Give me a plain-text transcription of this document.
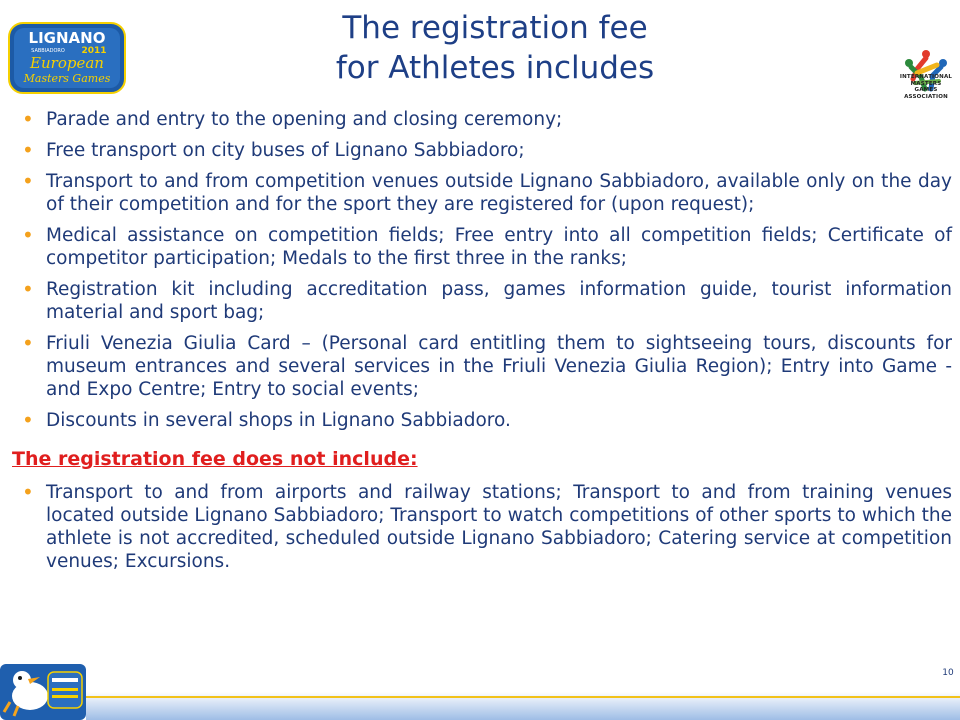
LIGNANO
SABBIADORO 2011
European
Masters Games
The registration fee
for Athletes includes	INTERNATIONAL
MASTERS
GAMES
ASSOCIATION
• Parade and entry to the opening and closing ceremony;
• Free transport on city buses of Lignano Sabbiadoro;
• Transport to and from competition venues outside Lignano Sabbiadoro, available only on the day of their competition and for the sport they are registered for (upon request);
• Medical assistance on competition fields; Free entry into all competition fields; Certificate of competitor participation; Medals to the first three in the ranks;
• Registration kit including accreditation pass, games information guide, tourist information material and sport bag;
• Friuli Venezia Giulia Card – (Personal card entitling them to sightseeing tours, discounts for museum entrances and several services in the Friuli Venezia Giulia Region); Entry into Game - and Expo Centre; Entry to social events;
• Discounts in several shops in Lignano Sabbiadoro.
The registration fee does not include:
• Transport to and from airports and railway stations; Transport to and from training venues located outside Lignano Sabbiadoro; Transport to watch competitions of other sports to which the athlete is not accredited, scheduled outside Lignano Sabbiadoro; Catering service at competition venues; Excursions.
10
